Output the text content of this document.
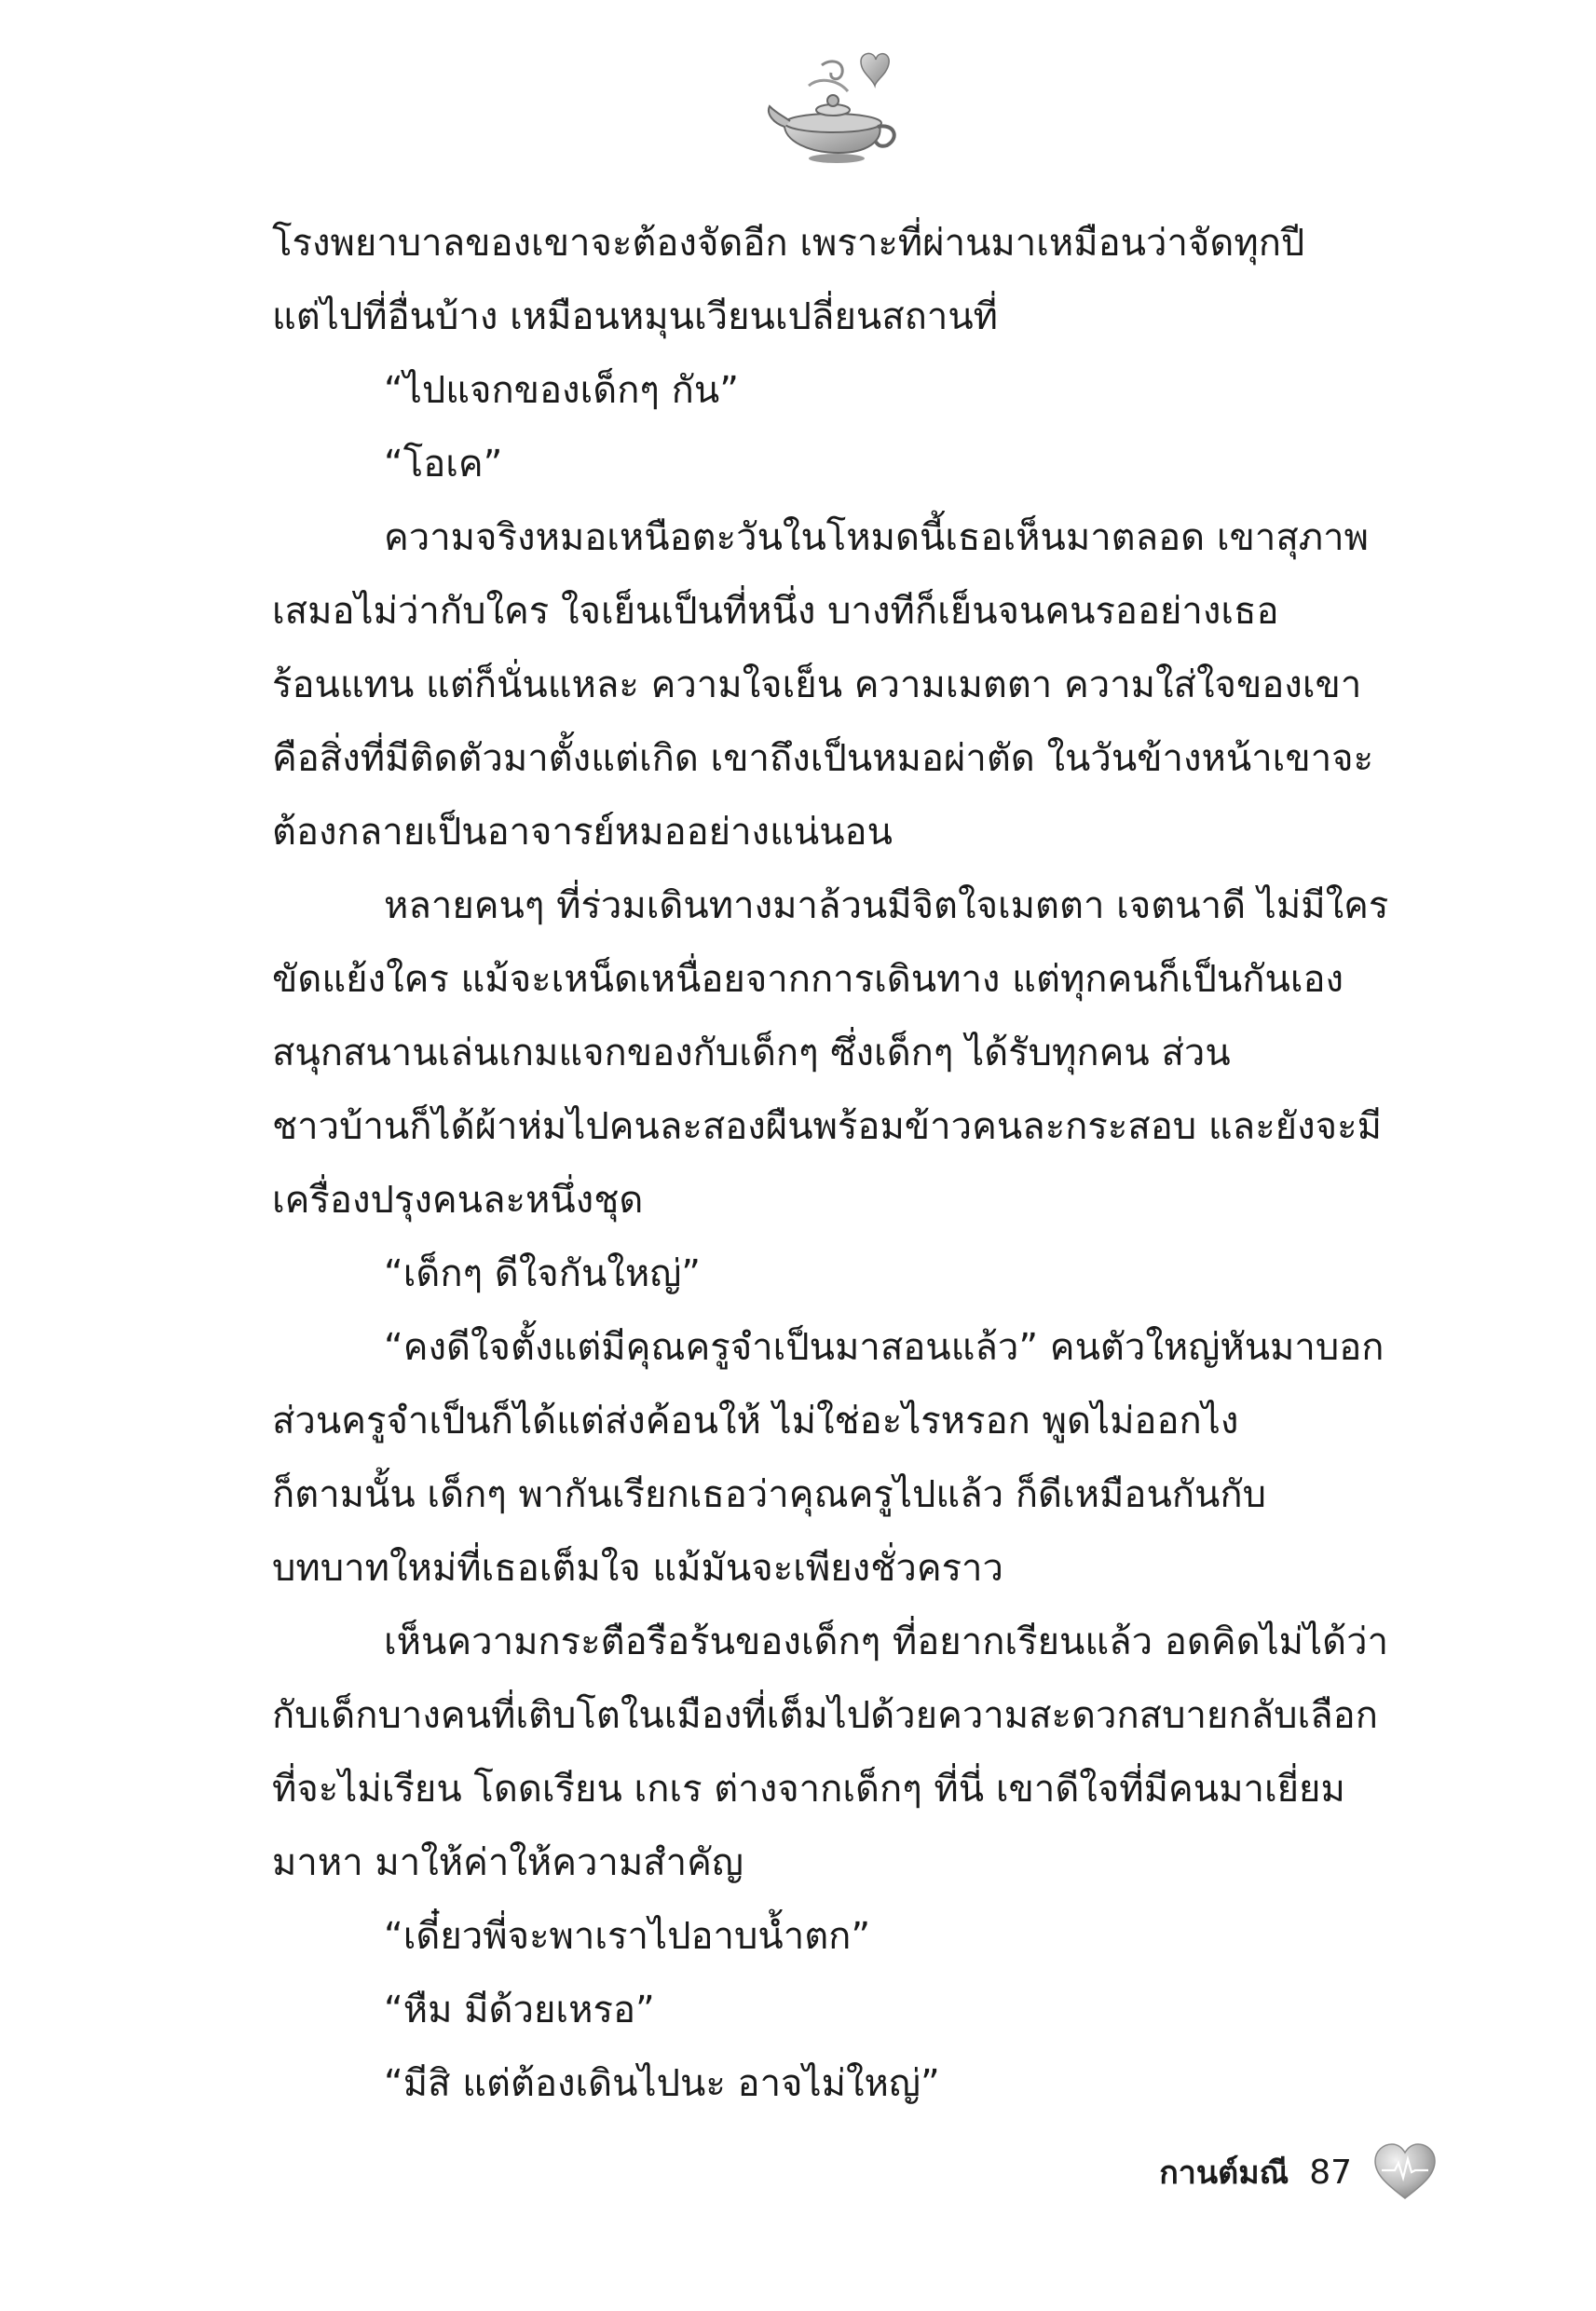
โรงพยาบาลของเขาจะต้องจัดอีก เพราะที่ผ่านมาเหมือนว่าจัดทุกปี
แต่ไปที่อื่นบ้าง เหมือนหมุนเวียนเปลี่ยนสถานที่
“ไปแจกของเด็กๆ กัน”
“โอเค”
ความจริงหมอเหนือตะวันในโหมดนี้เธอเห็นมาตลอด เขาสุภาพ
เสมอไม่ว่ากับใคร ใจเย็นเป็นที่หนึ่ง บางทีก็เย็นจนคนรออย่างเธอ
ร้อนแทน แต่ก็นั่นแหละ ความใจเย็น ความเมตตา ความใส่ใจของเขา
คือสิ่งที่มีติดตัวมาตั้งแต่เกิด เขาถึงเป็นหมอผ่าตัด ในวันข้างหน้าเขาจะ
ต้องกลายเป็นอาจารย์หมออย่างแน่นอน
หลายคนๆ ที่ร่วมเดินทางมาล้วนมีจิตใจเมตตา เจตนาดี ไม่มีใคร
ขัดแย้งใคร แม้จะเหน็ดเหนื่อยจากการเดินทาง แต่ทุกคนก็เป็นกันเอง
สนุกสนานเล่นเกมแจกของกับเด็กๆ ซึ่งเด็กๆ ได้รับทุกคน ส่วน
ชาวบ้านก็ได้ผ้าห่มไปคนละสองผืนพร้อมข้าวคนละกระสอบ และยังจะมี
เครื่องปรุงคนละหนึ่งชุด
“เด็กๆ ดีใจกันใหญ่”
“คงดีใจตั้งแต่มีคุณครูจำเป็นมาสอนแล้ว” คนตัวใหญ่หันมาบอก
ส่วนครูจำเป็นก็ได้แต่ส่งค้อนให้ ไม่ใช่อะไรหรอก พูดไม่ออกไง
ก็ตามนั้น เด็กๆ พากันเรียกเธอว่าคุณครูไปแล้ว ก็ดีเหมือนกันกับ
บทบาทใหม่ที่เธอเต็มใจ แม้มันจะเพียงชั่วคราว
เห็นความกระตือรือร้นของเด็กๆ ที่อยากเรียนแล้ว อดคิดไม่ได้ว่า
กับเด็กบางคนที่เติบโตในเมืองที่เต็มไปด้วยความสะดวกสบายกลับเลือก
ที่จะไม่เรียน โดดเรียน เกเร ต่างจากเด็กๆ ที่นี่ เขาดีใจที่มีคนมาเยี่ยม
มาหา มาให้ค่าให้ความสำคัญ
“เดี๋ยวพี่จะพาเราไปอาบน้ำตก”
“หืม มีด้วยเหรอ”
“มีสิ แต่ต้องเดินไปนะ อาจไม่ใหญ่”
กานต์มณี 87
